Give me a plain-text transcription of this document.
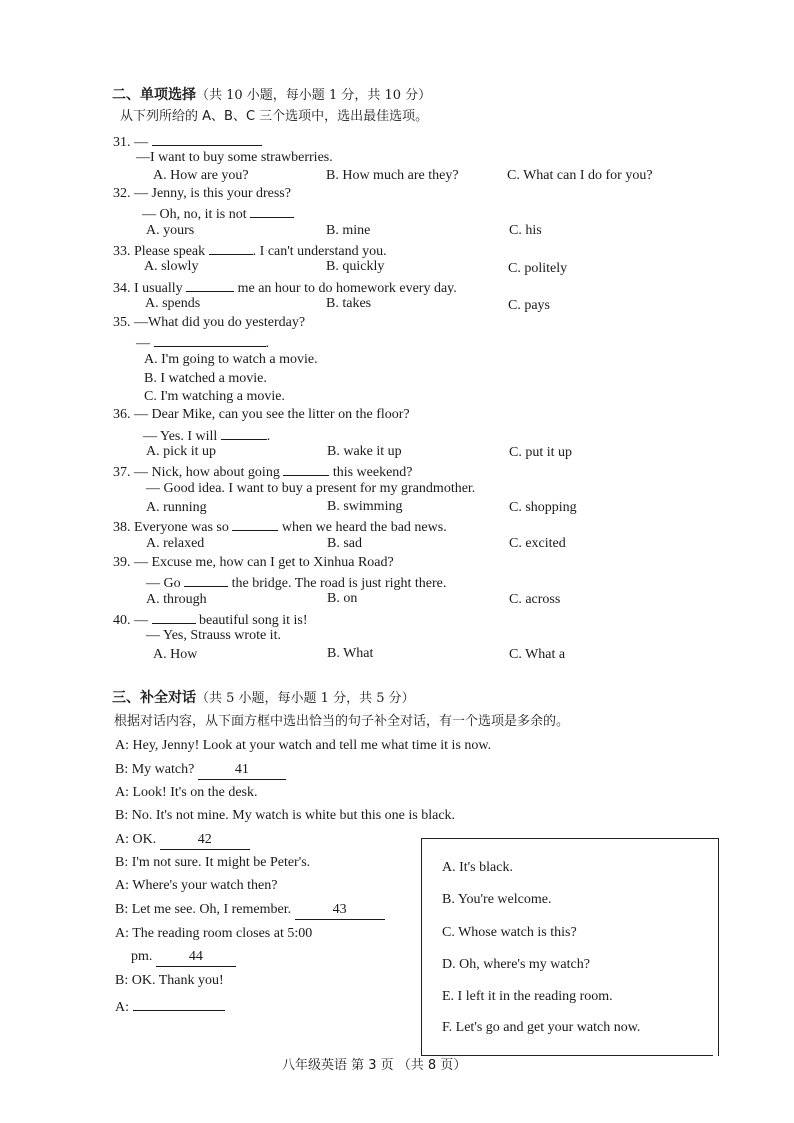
二、单项选择（共 10 小题，每小题 1 分，共 10 分）
从下列所给的 A、B、C 三个选项中，选出最佳选项。
31. —
—I want to buy some strawberries.
A. How are you?	B. How much are they?	C. What can I do for you?
32. — Jenny, is this your dress?
— Oh, no, it is not
A. yours	B. mine	C. his
33. Please speak	. I can't understand you.
A. slowly	B. quickly	C. politely
34. I usually	me an hour to do homework every day.
A. spends	B. takes	C. pays
35. —What did you do yesterday?
—	.
A. I'm going to watch a movie.
B. I watched a movie.
C. I'm watching a movie.
36. — Dear Mike, can you see the litter on the floor?
— Yes. I will	.
A. pick it up	B. wake it up	C. put it up
37. — Nick, how about going	this weekend?
— Good idea. I want to buy a present for my grandmother.
A. running	B. swimming	C. shopping
38. Everyone was so	when we heard the bad news.
A. relaxed	B. sad	C. excited
39. — Excuse me, how can I get to Xinhua Road?
— Go	the bridge. The road is just right there.
A. through	B. on	C. across
40. —	beautiful song it is!
— Yes, Strauss wrote it.
A. How	B. What	C. What a
三、补全对话（共 5 小题，每小题 1 分，共 5 分）
根据对话内容，从下面方框中选出恰当的句子补全对话，有一个选项是多余的。
A: Hey, Jenny! Look at your watch and tell me what time it is now.
B: My watch?	41
A: Look! It's on the desk.
B: No. It's not mine. My watch is white but this one is black.
A: OK.	42
B: I'm not sure. It might be Peter's.
A: Where's your watch then?
B: Let me see. Oh, I remember.	43
A: The reading room closes at 5:00
pm.	44
B: OK. Thank you!
A:
A. It's black.
B. You're welcome.
C. Whose watch is this?
D. Oh, where's my watch?
E. I left it in the reading room.
F. Let's go and get your watch now.
八年级英语 第 3 页 （共 8 页）
